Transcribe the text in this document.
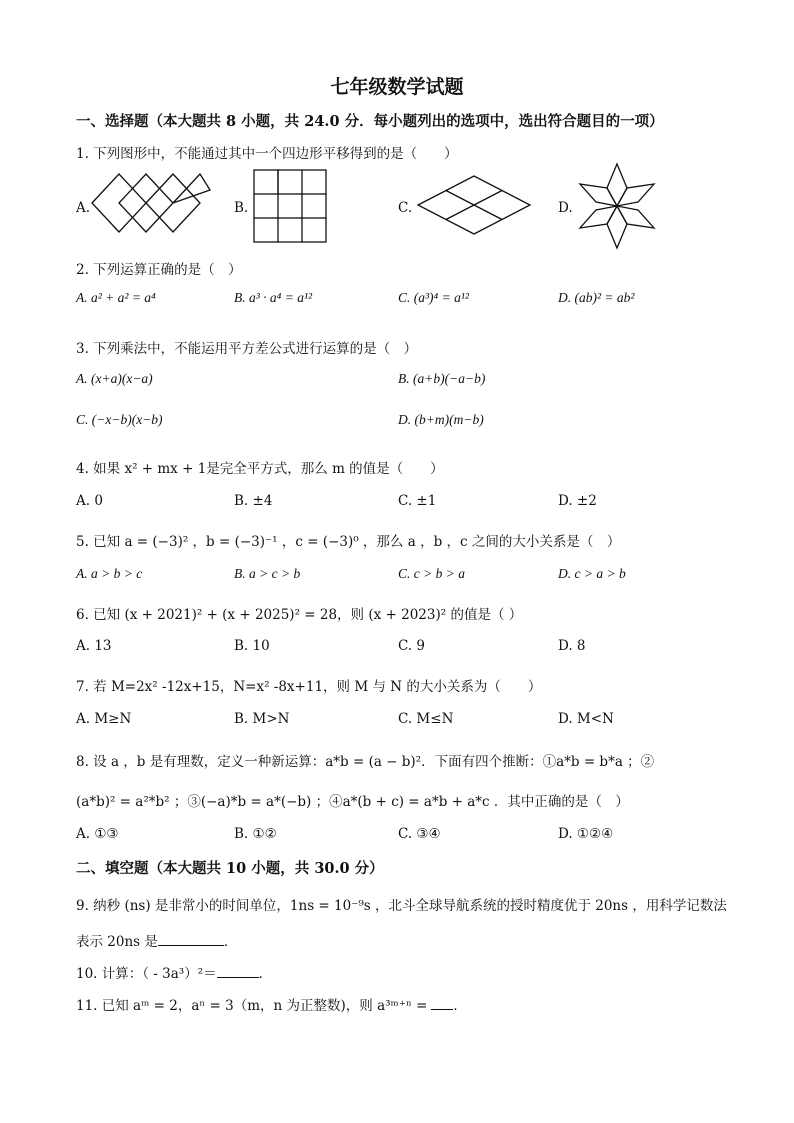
七年级数学试题
一、选择题（本大题共 8 小题，共 24.0 分．每小题列出的选项中，选出符合题目的一项）
1. 下列图形中，不能通过其中一个四边形平移得到的是（　　）
A.	B.	C.	D.
2. 下列运算正确的是（　）
A. a² + a² = a⁴	B. a³ · a⁴ = a¹²	C. (a³)⁴ = a¹²	D. (ab)² = ab²
3. 下列乘法中，不能运用平方差公式进行运算的是（　）
A. (x+a)(x−a)	B. (a+b)(−a−b)
C. (−x−b)(x−b)	D. (b+m)(m−b)
4. 如果 x² + mx + 1是完全平方式，那么 m 的值是（　　）
A. 0	B. ±4	C. ±1	D. ±2
5. 已知 a = (−3)² ，b = (−3)⁻¹ ，c = (−3)⁰ ，那么 a ，b ，c 之间的大小关系是（　）
A. a > b > c	B. a > c > b	C. c > b > a	D. c > a > b
6. 已知 (x + 2021)² + (x + 2025)² = 28，则 (x + 2023)² 的值是（ ）
A. 13	B. 10	C. 9	D. 8
7. 若 M=2x² -12x+15，N=x² -8x+11，则 M 与 N 的大小关系为（　　）
A. M≥N	B. M>N	C. M≤N	D. M<N
8. 设 a ，b 是有理数，定义一种新运算：a*b = (a − b)²．下面有四个推断：①a*b = b*a ；②
(a*b)² = a²*b² ；③(−a)*b = a*(−b) ；④a*(b + c) = a*b + a*c ．其中正确的是（　）
A. ①③	B. ①②	C. ③④	D. ①②④
二、填空题（本大题共 10 小题，共 30.0 分）
9. 纳秒 (ns) 是非常小的时间单位，1ns = 10⁻⁹s ，北斗全球导航系统的授时精度优于 20ns ，用科学记数法
表示 20ns 是	．
10. 计算：（ - 3a³）²＝	．
11. 已知 aᵐ = 2，aⁿ = 3（m，n 为正整数)，则 a³ᵐ⁺ⁿ = ．
